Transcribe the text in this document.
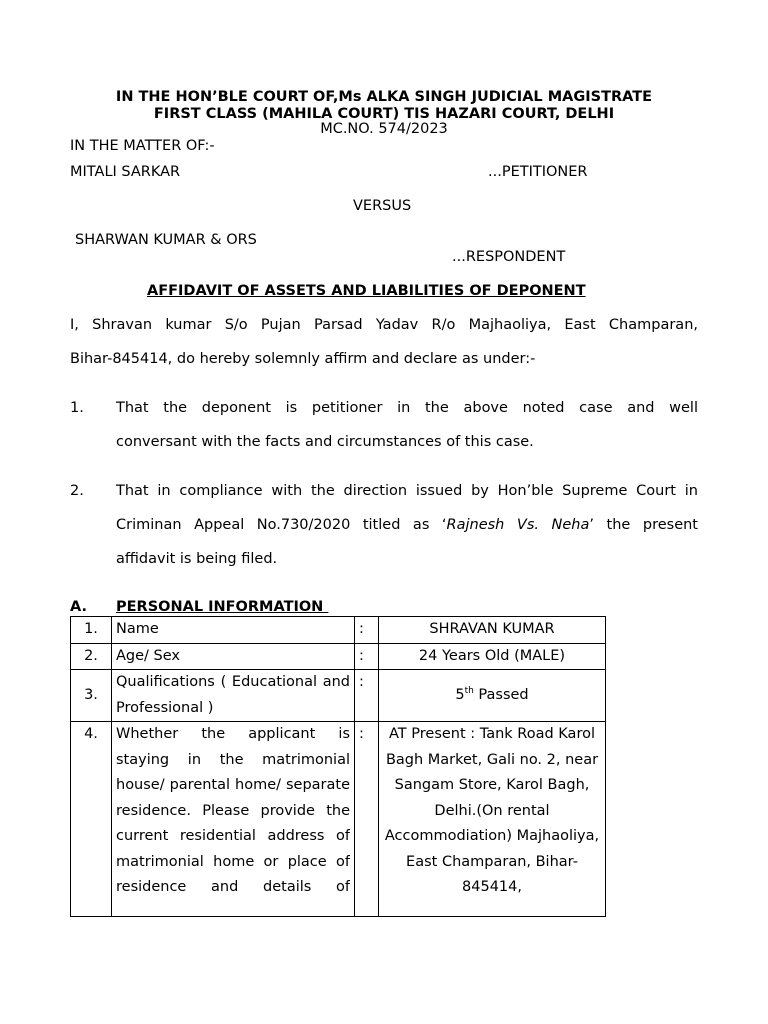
IN THE HON’BLE COURT OF,Ms ALKA SINGH JUDICIAL MAGISTRATE
FIRST CLASS (MAHILA COURT) TIS HAZARI COURT, DELHI
MC.NO. 574/2023
IN THE MATTER OF:-
MITALI SARKAR	...PETITIONER
VERSUS
SHARWAN KUMAR & ORS
...RESPONDENT
AFFIDAVIT OF ASSETS AND LIABILITIES OF DEPONENT
I, Shravan kumar S/o Pujan Parsad Yadav R/o Majhaoliya, East Champaran,
Bihar-845414, do hereby solemnly affirm and declare as under:-
1. That the deponent is petitioner in the above noted case and well
conversant with the facts and circumstances of this case.
2. That in compliance with the direction issued by Hon’ble Supreme Court in
Criminan Appeal No.730/2020 titled as ‘Rajnesh Vs. Neha’ the present
affidavit is being filed.
A. PERSONAL INFORMATION
1.	Name	:	SHRAVAN KUMAR
2.	Age/ Sex	:	24 Years Old (MALE)
3.	Qualifications ( Educational and Professional )	:	5th Passed
4.	Whether the applicant is staying in the matrimonial house/ parental home/ separate residence. Please provide the current residential address of matrimonial home or place of residence and details of	:	AT Present : Tank Road Karol Bagh Market, Gali no. 2, near Sangam Store, Karol Bagh, Delhi.(On rental Accommodiation) Majhaoliya, East Champaran, Bihar-845414,
